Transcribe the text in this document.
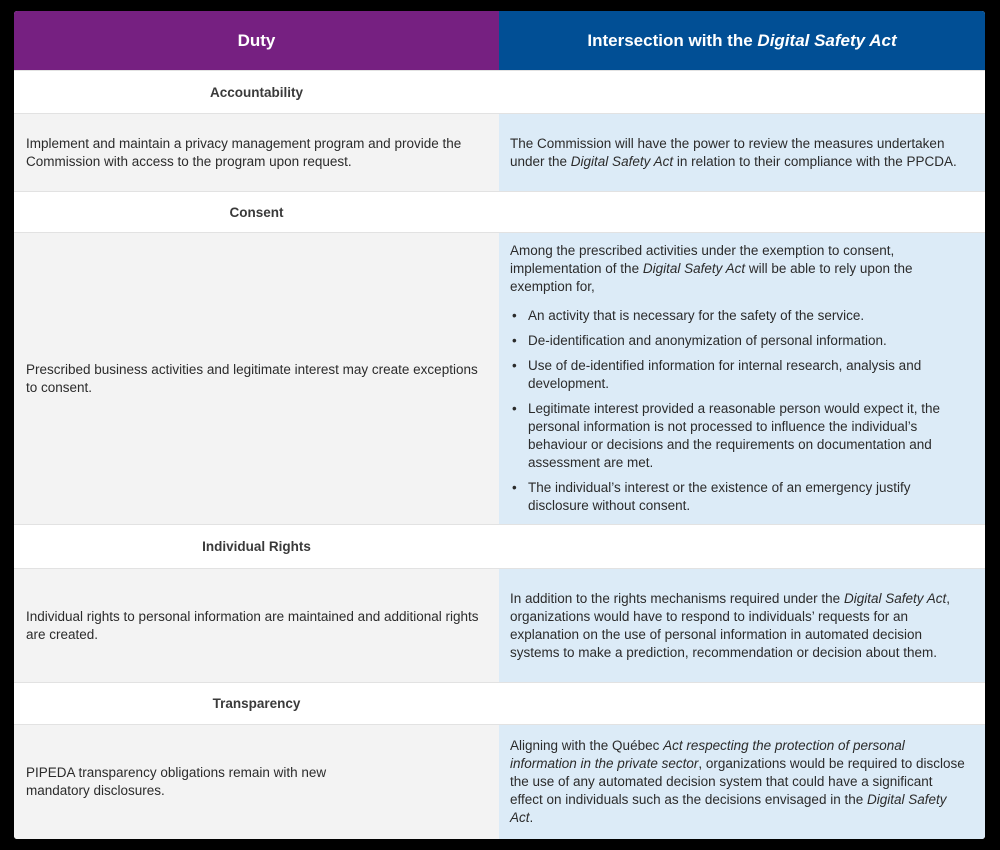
Duty	Intersection with the Digital Safety Act
Accountability
Implement and maintain a privacy management program and provide the Commission with access to the program upon request.

The Commission will have the power to review the measures undertaken under the Digital Safety Act in relation to their compliance with the PPCDA.

Consent
Prescribed business activities and legitimate interest may create exceptions to consent.

Among the prescribed activities under the exemption to consent, implementation of the Digital Safety Act will be able to rely upon the exemption for,

• An activity that is necessary for the safety of the service.
• De-identification and anonymization of personal information.
• Use of de-identified information for internal research, analysis and development.
• Legitimate interest provided a reasonable person would expect it, the personal information is not processed to influence the individual’s behaviour or decisions and the requirements on documentation and assessment are met.
• The individual’s interest or the existence of an emergency justify disclosure without consent.
Individual Rights
Individual rights to personal information are maintained and additional rights are created.

In addition to the rights mechanisms required under the Digital Safety Act, organizations would have to respond to individuals’ requests for an explanation on the use of personal information in automated decision systems to make a prediction, recommendation or decision about them.

Transparency
PIPEDA transparency obligations remain with new mandatory disclosures.

Aligning with the Québec Act respecting the protection of personal information in the private sector, organizations would be required to disclose the use of any automated decision system that could have a significant effect on individuals such as the decisions envisaged in the Digital Safety Act.
